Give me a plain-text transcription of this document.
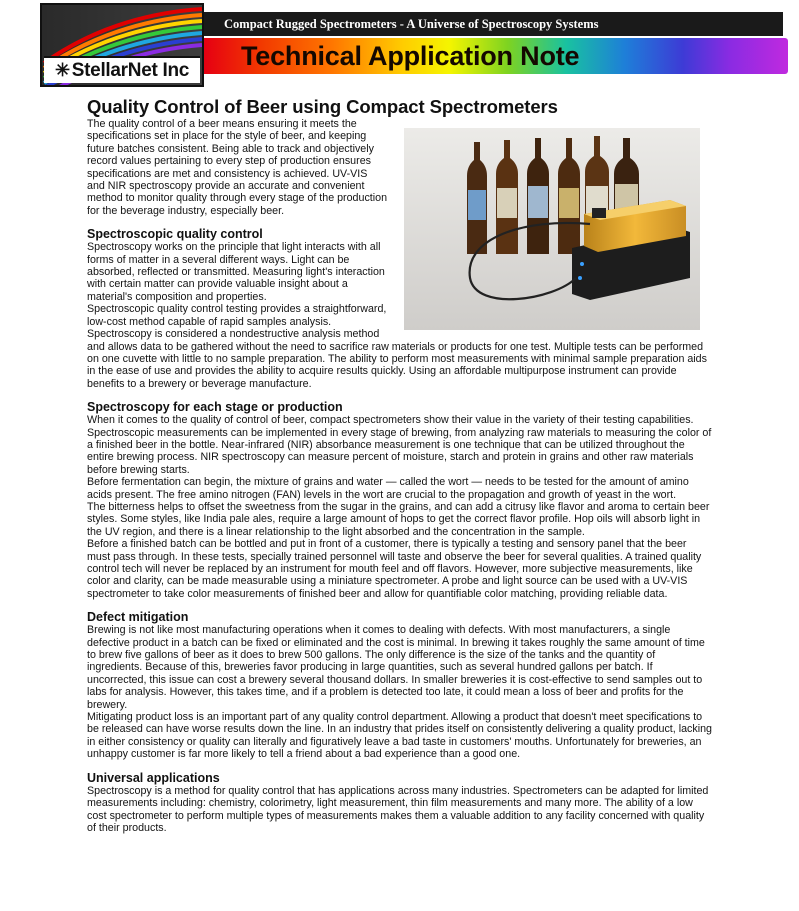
✳ StellarNet Inc
Compact Rugged Spectrometers - A Universe of Spectroscopy Systems
Technical Application Note
Quality Control of Beer using Compact Spectrometers

The quality control of a beer means ensuring it meets the specifications set in place for the style of beer, and keeping future batches consistent. Being able to track and objectively record values pertaining to every step of production ensures specifications are met and consistency is achieved. UV-VIS and NIR spectroscopy provide an accurate and convenient method to monitor quality through every stage of the production for the beverage industry, especially beer.

Spectroscopic quality control

Spectroscopy works on the principle that light interacts with all forms of matter in a several different ways. Light can be absorbed, reflected or transmitted. Measuring light's interaction with certain matter can provide valuable insight about a material's composition and properties.

Spectroscopic quality control testing provides a straightforward, low-cost method capable of rapid samples analysis. Spectroscopy is considered a nondestructive analysis method and allows data to be gathered without the need to sacrifice raw materials or products for one test. Multiple tests can be performed on one cuvette with little to no sample preparation. The ability to perform most measurements with minimal sample preparation aids in the ease of use and provides the ability to acquire results quickly. Using an affordable multipurpose instrument can provide benefits to a brewery or beverage manufacture.

Spectroscopy for each stage or production

When it comes to the quality of control of beer, compact spectrometers show their value in the variety of their testing capabilities. Spectroscopic measurements can be implemented in every stage of brewing, from analyzing raw materials to measuring the color of a finished beer in the bottle. Near-infrared (NIR) absorbance measurement is one technique that can be utilized throughout the entire brewing process. NIR spectroscopy can measure percent of moisture, starch and protein in grains and other raw materials before brewing starts.

Before fermentation can begin, the mixture of grains and water — called the wort — needs to be tested for the amount of amino acids present. The free amino nitrogen (FAN) levels in the wort are crucial to the propagation and growth of yeast in the wort.

The bitterness helps to offset the sweetness from the sugar in the grains, and can add a citrusy like flavor and aroma to certain beer styles. Some styles, like India pale ales, require a large amount of hops to get the correct flavor profile. Hop oils will absorb light in the UV region, and there is a linear relationship to the light absorbed and the concentration in the sample.

Before a finished batch can be bottled and put in front of a customer, there is typically a testing and sensory panel that the beer must pass through. In these tests, specially trained personnel will taste and observe the beer for several qualities. A trained quality control tech will never be replaced by an instrument for mouth feel and off flavors. However, more subjective measurements, like color and clarity, can be made measurable using a miniature spectrometer. A probe and light source can be used with a UV-VIS spectrometer to take color measurements of finished beer and allow for quantifiable color matching, providing reliable data.

Defect mitigation

Brewing is not like most manufacturing operations when it comes to dealing with defects. With most manufacturers, a single defective product in a batch can be fixed or eliminated and the cost is minimal. In brewing it takes roughly the same amount of time to brew five gallons of beer as it does to brew 500 gallons. The only difference is the size of the tanks and the quantity of ingredients. Because of this, breweries favor producing in large quantities, such as several hundred gallons per batch. If uncorrected, this issue can cost a brewery several thousand dollars. In smaller breweries it is cost-effective to send samples out to labs for analysis. However, this takes time, and if a problem is detected too late, it could mean a loss of beer and profits for the brewery.

Mitigating product loss is an important part of any quality control department. Allowing a product that doesn't meet specifications to be released can have worse results down the line. In an industry that prides itself on consistently delivering a quality product, lacking in either consistency or quality can literally and figuratively leave a bad taste in customers' mouths. Unfortunately for breweries, an unhappy customer is far more likely to tell a friend about a bad experience than a good one.

Universal applications

Spectroscopy is a method for quality control that has applications across many industries. Spectrometers can be adapted for limited measurements including: chemistry, colorimetry, light measurement, thin film measurements and many more. The ability of a low cost spectrometer to perform multiple types of measurements makes them a valuable addition to any facility concerned with quality of their products.
